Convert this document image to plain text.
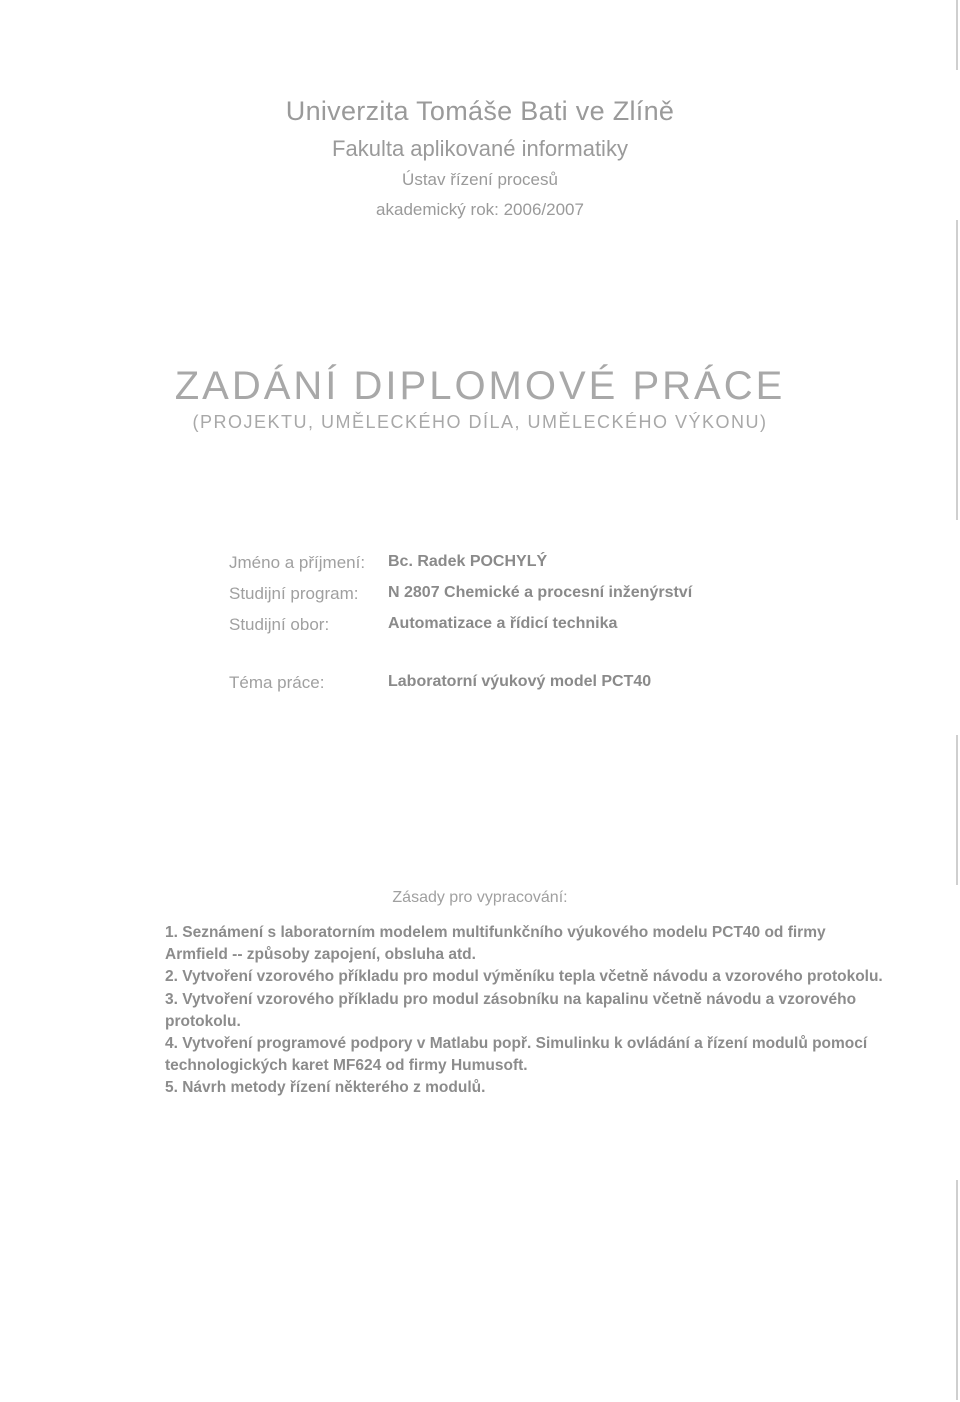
Univerzita Tomáše Bati ve Zlíně
Fakulta aplikované informatiky
Ústav řízení procesů
akademický rok: 2006/2007
ZADÁNÍ DIPLOMOVÉ PRÁCE
(PROJEKTU, UMĚLECKÉHO DÍLA, UMĚLECKÉHO VÝKONU)
Jméno a příjmení: Bc. Radek POCHYLÝ
Studijní program: N 2807 Chemické a procesní inženýrství
Studijní obor:	Automatizace a řídicí technika
Téma práce:	Laboratorní výukový model PCT40
Zásady pro vypracování:

1. Seznámení s laboratorním modelem multifunkčního výukového modelu PCT40 od firmy Armfield -- způsoby zapojení, obsluha atd.

2. Vytvoření vzorového příkladu pro modul výměníku tepla včetně návodu a vzorového protokolu.

3. Vytvoření vzorového příkladu pro modul zásobníku na kapalinu včetně návodu a vzorového protokolu.

4. Vytvoření programové podpory v Matlabu popř. Simulinku k ovládání a řízení modulů pomocí technologických karet MF624 od firmy Humusoft.

5. Návrh metody řízení některého z modulů.
